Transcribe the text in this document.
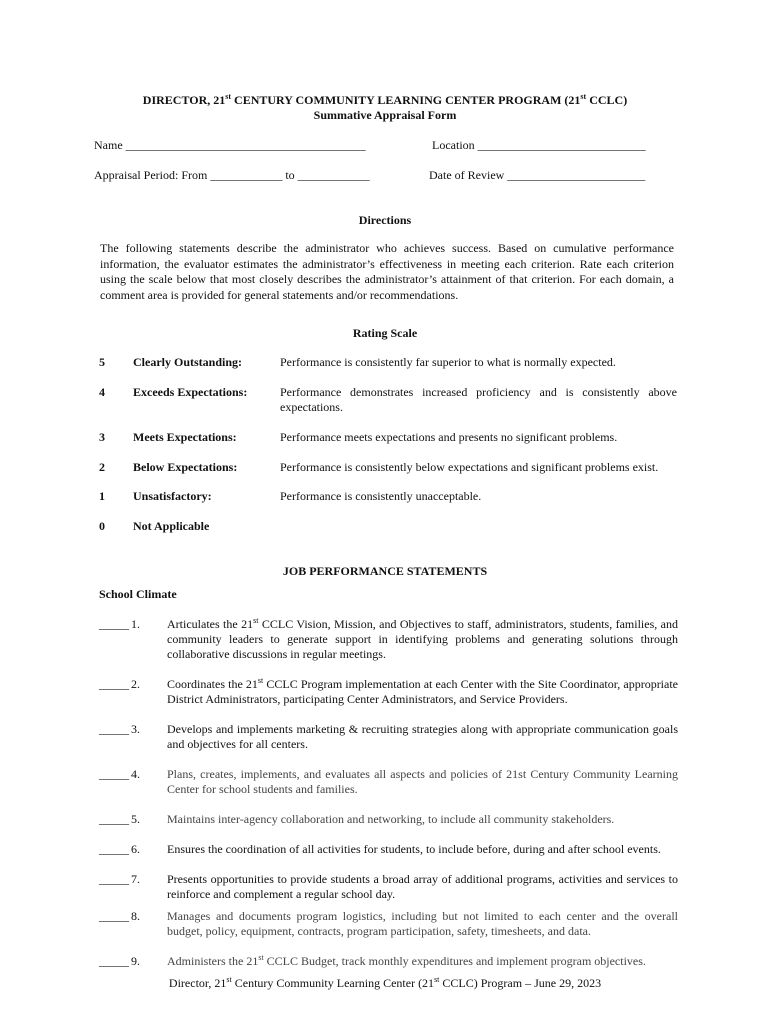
DIRECTOR, 21st CENTURY COMMUNITY LEARNING CENTER PROGRAM (21st CCLC)
Summative Appraisal Form
Name ________________________________________	Location ____________________________
Appraisal Period: From ____________ to ____________	Date of Review _______________________
Directions
The following statements describe the administrator who achieves success. Based on cumulative performance information, the evaluator estimates the administrator’s effectiveness in meeting each criterion. Rate each criterion using the scale below that most closely describes the administrator’s attainment of that criterion. For each domain, a comment area is provided for general statements and/or recommendations.
Rating Scale
5 Clearly Outstanding:	Performance is consistently far superior to what is normally expected.
4 Exceeds Expectations:	Performance demonstrates increased proficiency and is consistently above expectations.
3 Meets Expectations:	Performance meets expectations and presents no significant problems.
2 Below Expectations:	Performance is consistently below expectations and significant problems exist.
1 Unsatisfactory:	Performance is consistently unacceptable.
0 Not Applicable
JOB PERFORMANCE STATEMENTS
School Climate
_____ 1. Articulates the 21st CCLC Vision, Mission, and Objectives to staff, administrators, students, families, and community leaders to generate support in identifying problems and generating solutions through collaborative discussions in regular meetings.
_____ 2. Coordinates the 21st CCLC Program implementation at each Center with the Site Coordinator, appropriate District Administrators, participating Center Administrators, and Service Providers.
_____ 3. Develops and implements marketing & recruiting strategies along with appropriate communication goals and objectives for all centers.
_____ 4. Plans, creates, implements, and evaluates all aspects and policies of 21st Century Community Learning Center for school students and families.
_____ 5. Maintains inter-agency collaboration and networking, to include all community stakeholders.
_____ 6. Ensures the coordination of all activities for students, to include before, during and after school events.
_____ 7. Presents opportunities to provide students a broad array of additional programs, activities and services to reinforce and complement a regular school day.
_____ 8. Manages and documents program logistics, including but not limited to each center and the overall budget, policy, equipment, contracts, program participation, safety, timesheets, and data.
_____ 9. Administers the 21st CCLC Budget, track monthly expenditures and implement program objectives.
Director, 21st Century Community Learning Center (21st CCLC) Program – June 29, 2023
